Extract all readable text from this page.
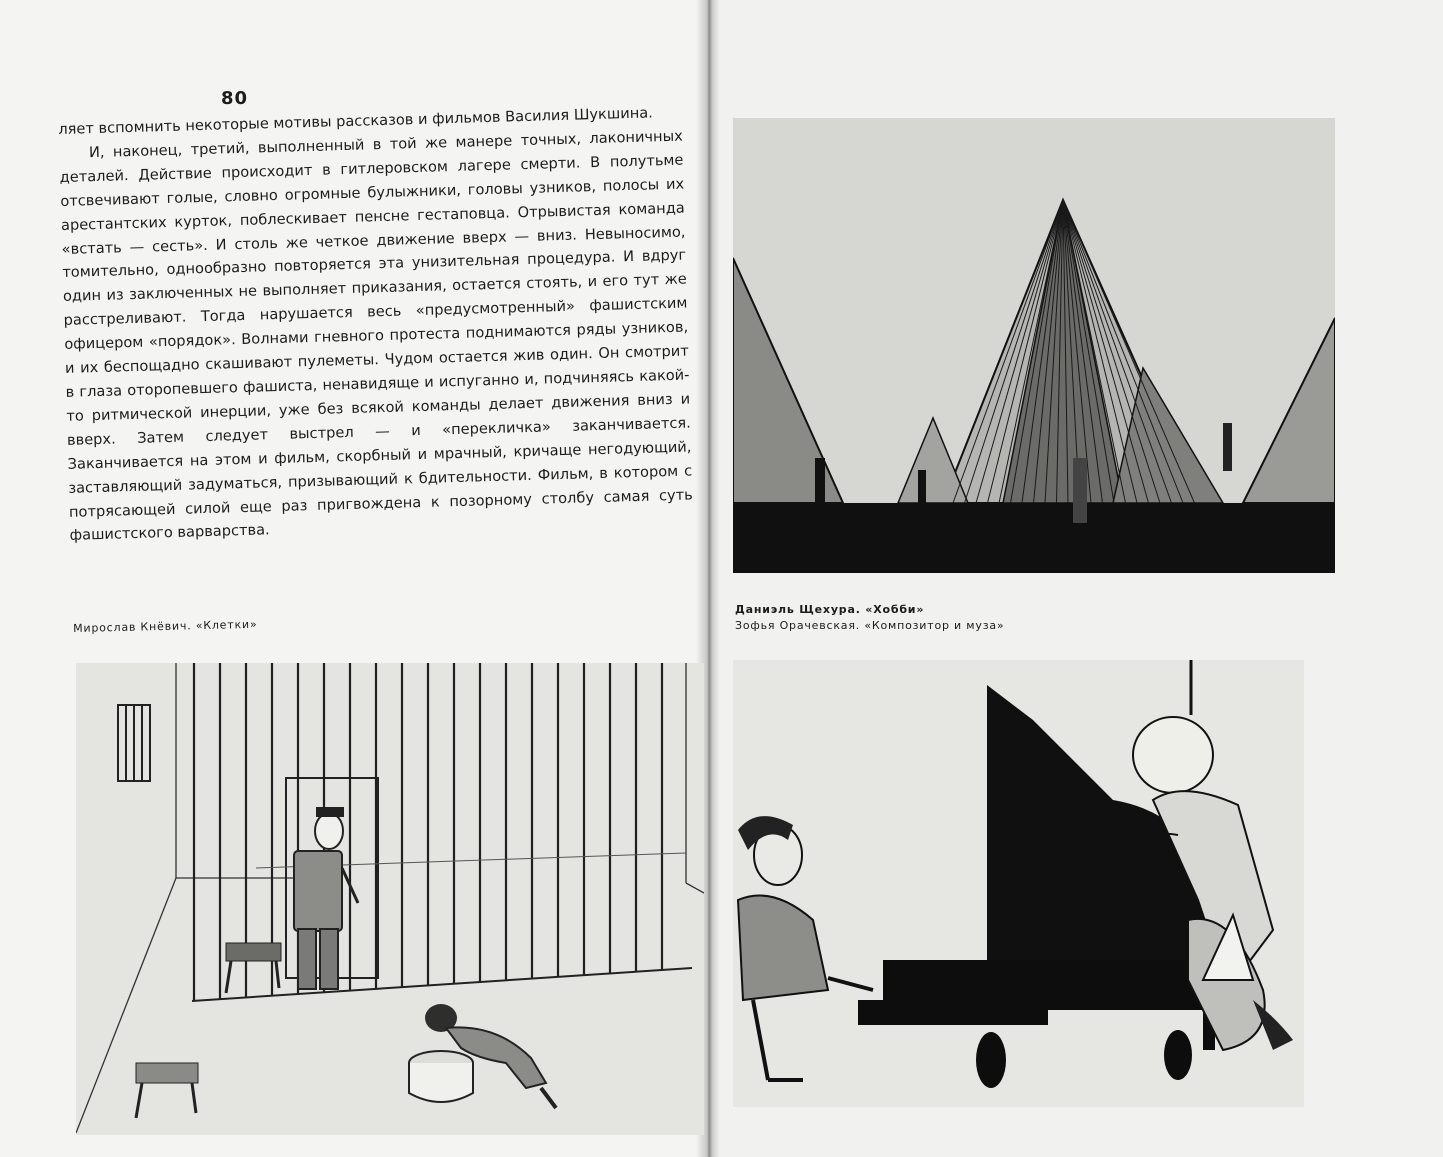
80

ляет вспомнить некоторые мотивы рассказов и фильмов Василия Шукшина.

И, наконец, третий, выполненный в той же манере точных, лаконичных деталей. Действие происходит в гитлеровском лагере смерти. В полутьме отсвечивают голые, словно огромные булыжники, головы узников, полосы их арестантских курток, поблескивает пенсне гестаповца. Отрывистая команда «встать — сесть». И столь же четкое движение вверх — вниз. Невыносимо, томительно, однообразно повторяется эта унизительная процедура. И вдруг один из заключенных не выполняет приказания, остается стоять, и его тут же расстреливают. Тогда нарушается весь «предусмотренный» фашистским офицером «порядок». Волнами гневного протеста поднимаются ряды узников, и их беспощадно скашивают пулеметы. Чудом остается жив один. Он смотрит в глаза оторопевшего фашиста, ненавидяще и испуганно и, подчиняясь какой-то ритмической инерции, уже без всякой команды делает движения вниз и вверх. Затем следует выстрел — и «перекличка» заканчивается. Заканчивается на этом и фильм, скорбный и мрачный, кричаще негодующий, заставляющий задуматься, призывающий к бдительности. Фильм, в котором с потрясающей силой еще раз пригвождена к позорному столбу самая суть фашистского варварства.

Мирослав Кнёвич. «Клетки»
Даниэль Щехура. «Хобби»
Зофья Орачевская. «Композитор и муза»
